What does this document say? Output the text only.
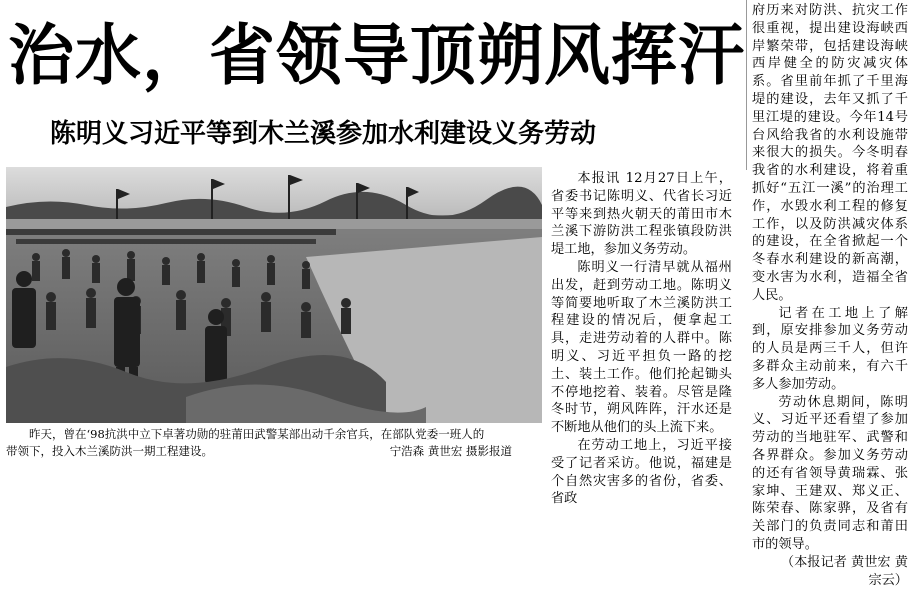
治水，省领导顶朔风挥汗
陈明义习近平等到木兰溪参加水利建设义务劳动
昨天，曾在‘98抗洪中立下卓著功勋的驻莆田武警某部出动千余官兵，在部队党委一班人的
带领下，投入木兰溪防洪一期工程建设。	宁浩森 黄世宏 摄影报道

本报讯 12月27日上午，省委书记陈明义、代省长习近平等来到热火朝天的莆田市木兰溪下游防洪工程张镇段防洪堤工地，参加义务劳动。

陈明义一行清早就从福州出发，赶到劳动工地。陈明义等简要地听取了木兰溪防洪工程建设的情况后，便拿起工具，走进劳动着的人群中。陈明义、习近平担负一路的挖土、装土工作。他们抡起锄头不停地挖着、装着。尽管是隆冬时节，朔风阵阵，汗水还是不断地从他们的头上流下来。

在劳动工地上，习近平接受了记者采访。他说，福建是个自然灾害多的省份，省委、省政

府历来对防洪、抗灾工作很重视，提出建设海峡西岸繁荣带，包括建设海峡西岸健全的防灾减灾体系。省里前年抓了千里海堤的建设，去年又抓了千里江堤的建设。今年14号台风给我省的水利设施带来很大的损失。今冬明春我省的水利建设，将着重抓好“五江一溪”的治理工作，水毁水利工程的修复工作，以及防洪减灾体系的建设，在全省掀起一个冬春水利建设的新高潮，变水害为水利，造福全省人民。

记者在工地上了解到，原安排参加义务劳动的人员是两三千人，但许多群众主动前来，有六千多人参加劳动。

劳动休息期间，陈明义、习近平还看望了参加劳动的当地驻军、武警和各界群众。参加义务劳动的还有省领导黄瑞霖、张家坤、王建双、郑义正、陈荣春、陈家骅，及省有关部门的负责同志和莆田市的领导。

（本报记者 黄世宏 黄宗云）
